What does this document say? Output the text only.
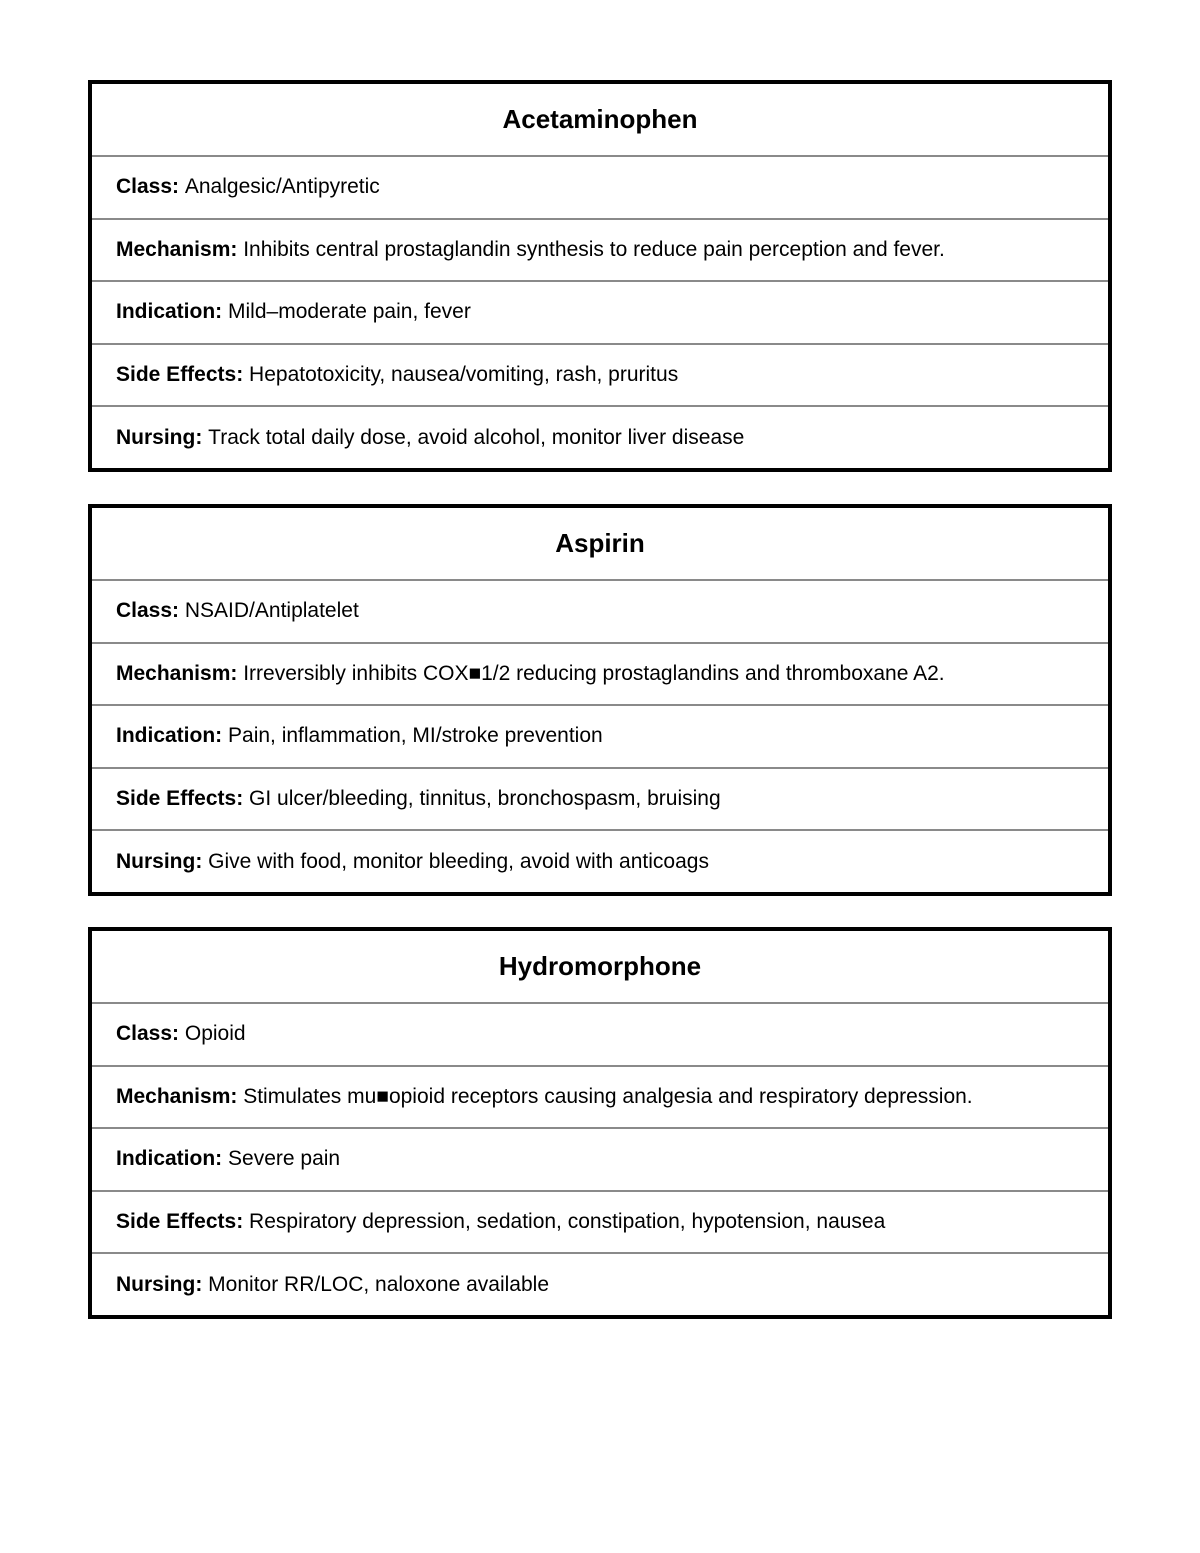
Acetaminophen
Class:
Analgesic/Antipyretic
Mechanism:
Inhibits central prostaglandin synthesis to reduce pain perception and fever.
Indication:
Mild–moderate pain, fever
Side Effects:
Hepatotoxicity, nausea/vomiting, rash, pruritus
Nursing:
Track total daily dose, avoid alcohol, monitor liver disease
Aspirin
Class:
NSAID/Antiplatelet
Mechanism:
Irreversibly inhibits COX■1/2 reducing prostaglandins and thromboxane A2.
Indication:
Pain, inflammation, MI/stroke prevention
Side Effects:
GI ulcer/bleeding, tinnitus, bronchospasm, bruising
Nursing:
Give with food, monitor bleeding, avoid with anticoags
Hydromorphone
Class:
Opioid
Mechanism:
Stimulates mu■opioid receptors causing analgesia and respiratory depression.
Indication:
Severe pain
Side Effects:
Respiratory depression, sedation, constipation, hypotension, nausea
Nursing:
Monitor RR/LOC, naloxone available
